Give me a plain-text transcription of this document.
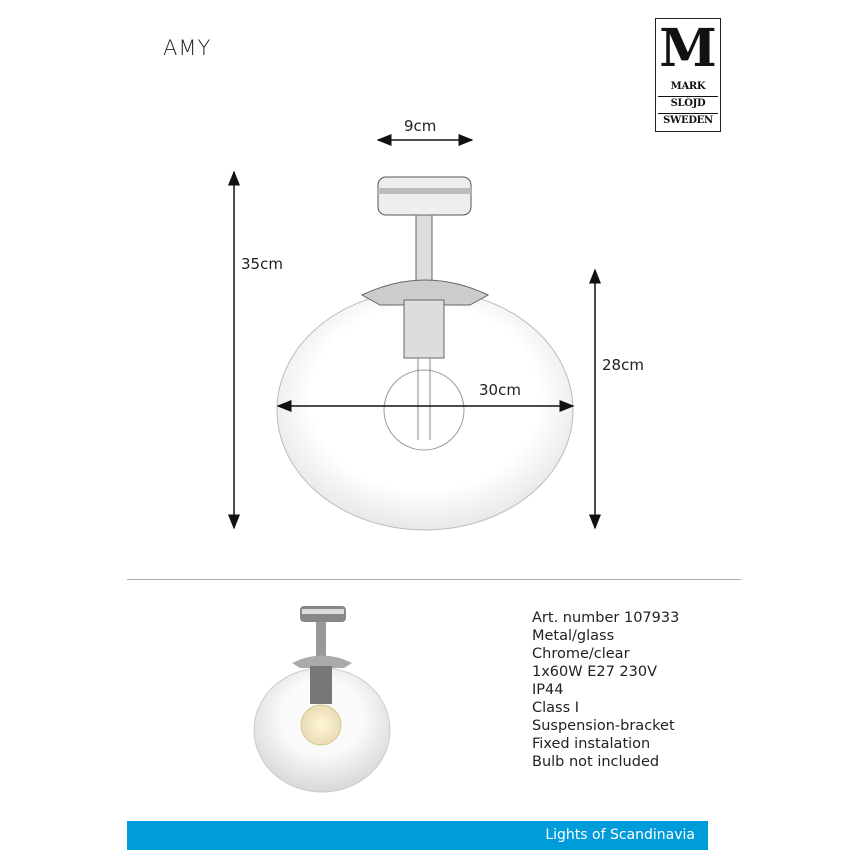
AMY	M
MARK
SLÖJD
SWEDEN
9cm
35cm
28cm
30cm
Art. number 107933
Metal/glass
Chrome/clear
1x60W E27 230V
IP44
Class I
Suspension-bracket
Fixed instalation
Bulb not included
Lights of Scandinavia
